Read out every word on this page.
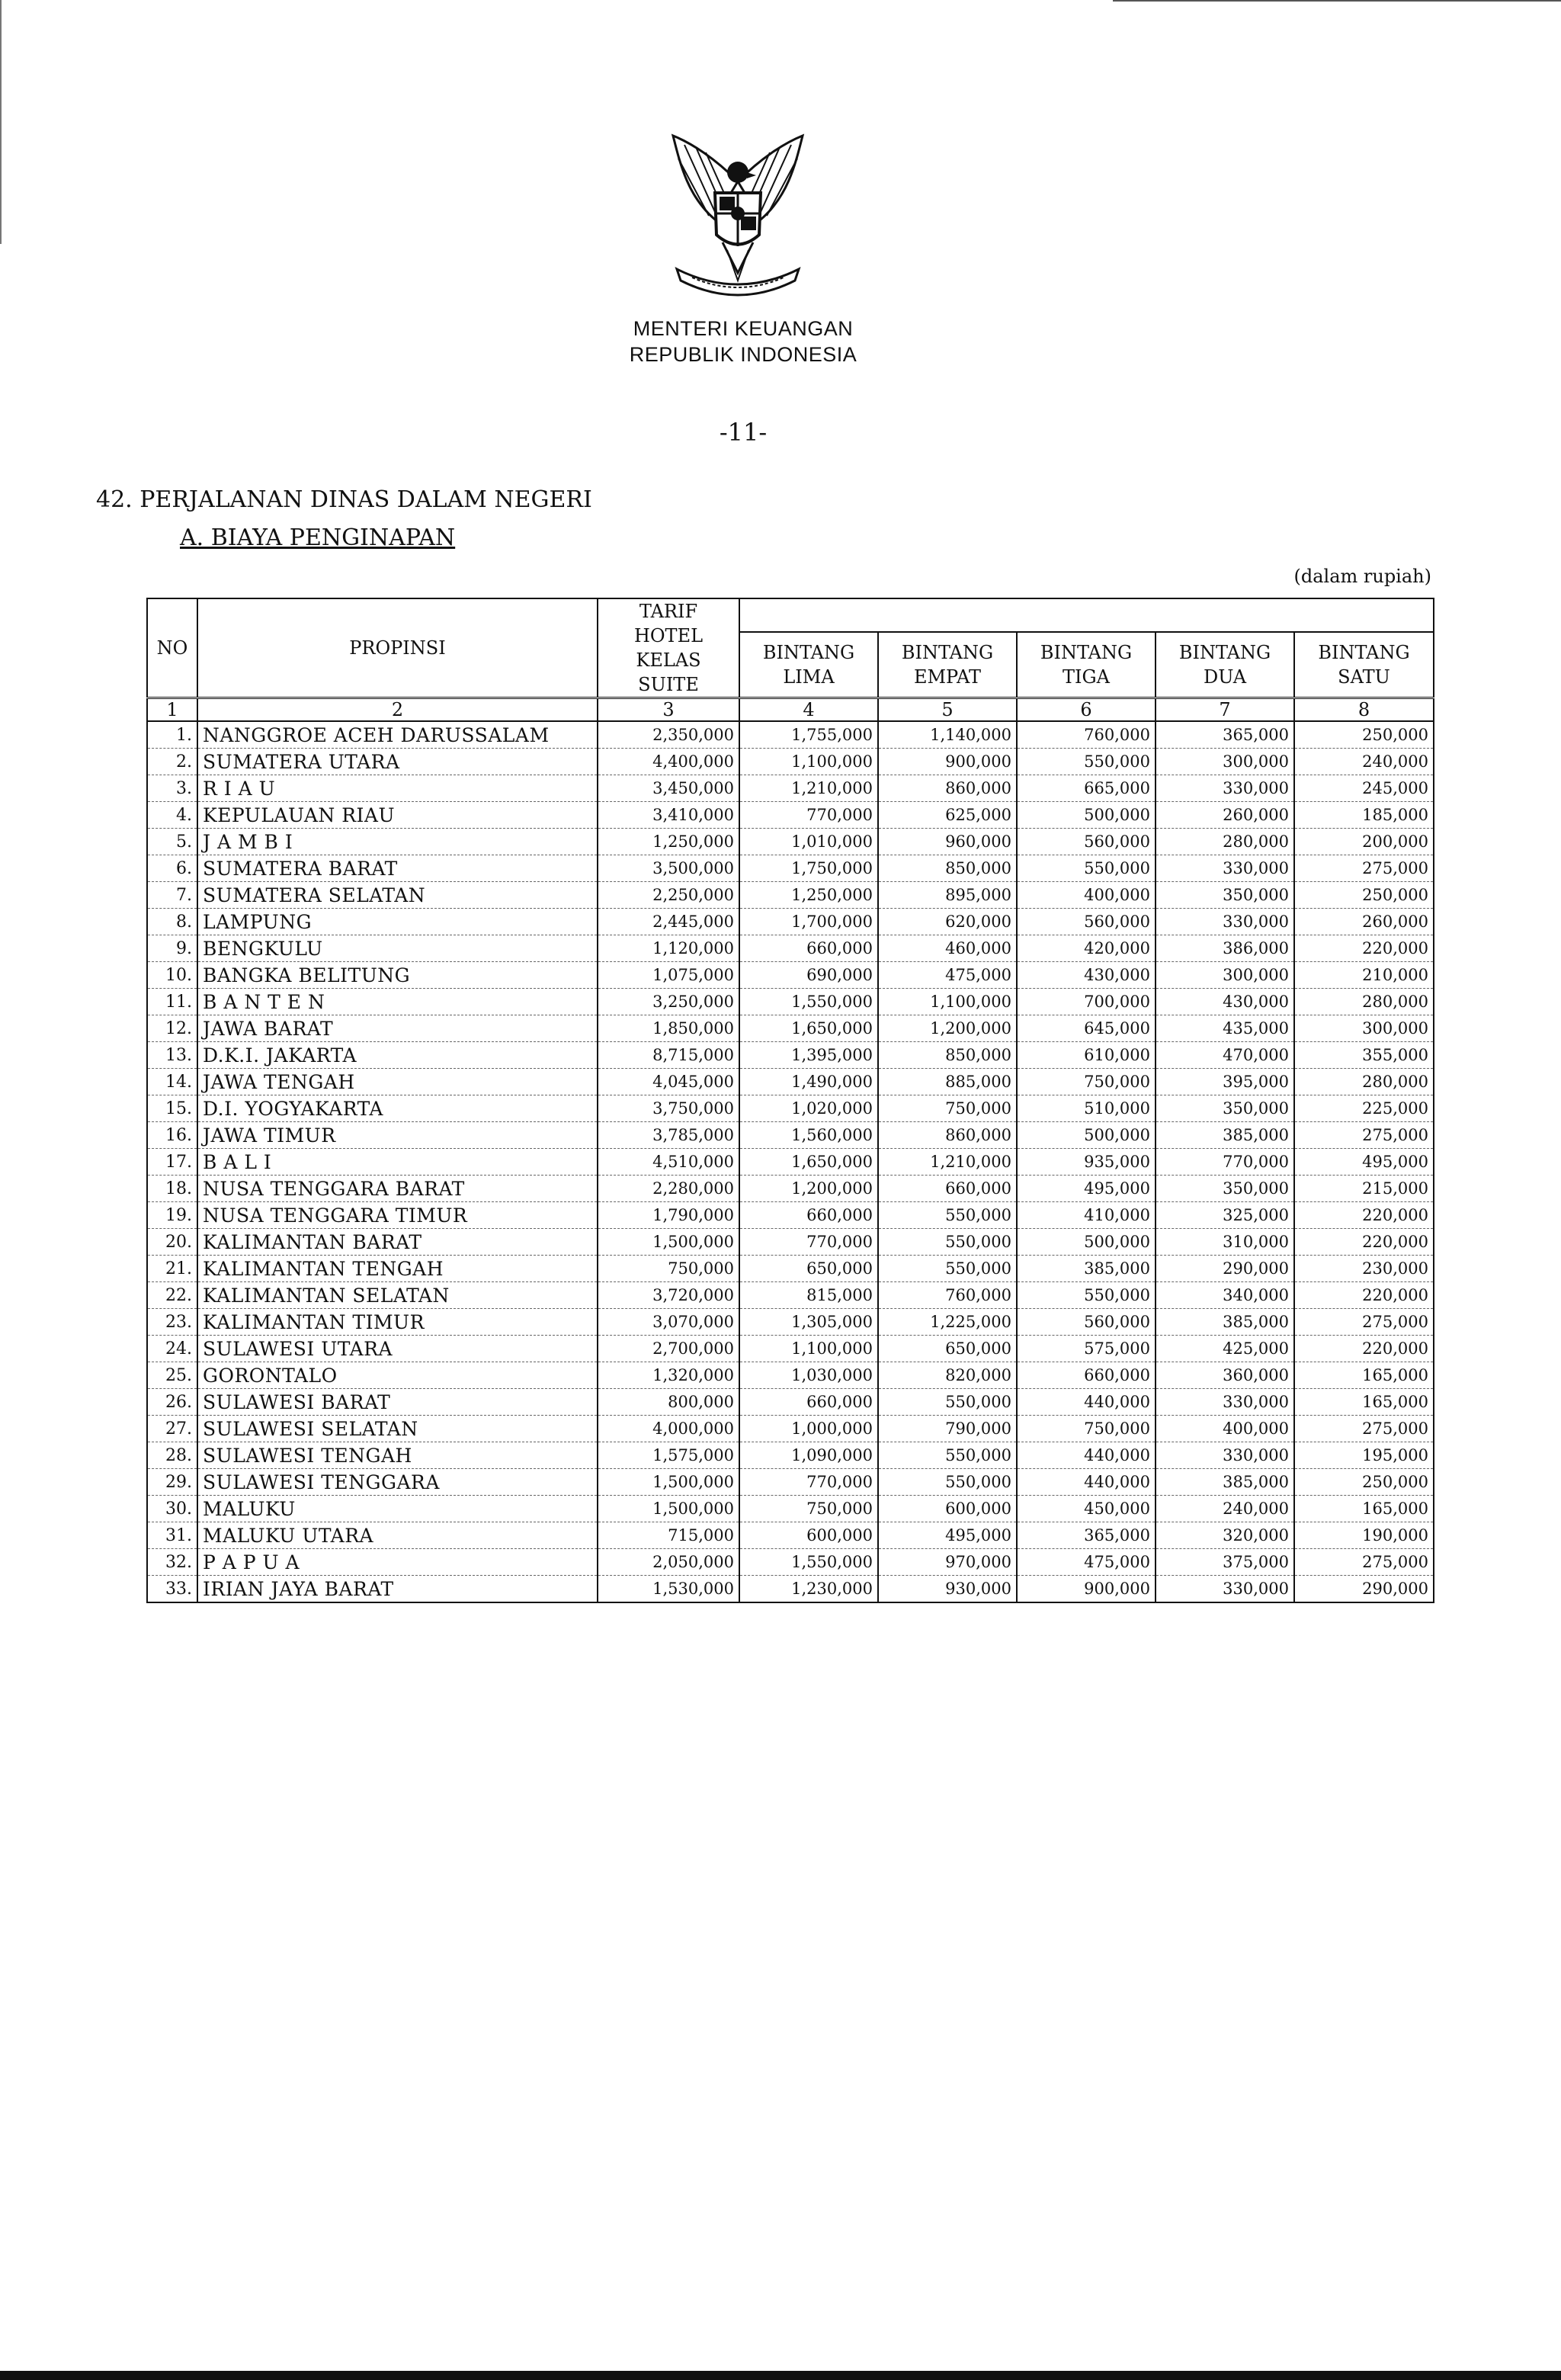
MENTERI KEUANGAN
REPUBLIK INDONESIA
-11-
42. PERJALANAN DINAS DALAM NEGERI
A. BIAYA PENGINAPAN
(dalam rupiah)
NO	PROPINSI	TARIF HOTEL KELAS SUITE					
			BINTANG LIMA	BINTANG EMPAT	BINTANG TIGA	BINTANG DUA	BINTANG SATU
1	2	3	4	5	6	7	8
1.	NANGGROE ACEH DARUSSALAM	2,350,000	1,755,000	1,140,000	760,000	365,000	250,000
2.	SUMATERA UTARA	4,400,000	1,100,000	900,000	550,000	300,000	240,000
3.	R I A U	3,450,000	1,210,000	860,000	665,000	330,000	245,000
4.	KEPULAUAN RIAU	3,410,000	770,000	625,000	500,000	260,000	185,000
5.	J A M B I	1,250,000	1,010,000	960,000	560,000	280,000	200,000
6.	SUMATERA BARAT	3,500,000	1,750,000	850,000	550,000	330,000	275,000
7.	SUMATERA SELATAN	2,250,000	1,250,000	895,000	400,000	350,000	250,000
8.	LAMPUNG	2,445,000	1,700,000	620,000	560,000	330,000	260,000
9.	BENGKULU	1,120,000	660,000	460,000	420,000	386,000	220,000
10.	BANGKA BELITUNG	1,075,000	690,000	475,000	430,000	300,000	210,000
11.	B A N T E N	3,250,000	1,550,000	1,100,000	700,000	430,000	280,000
12.	JAWA BARAT	1,850,000	1,650,000	1,200,000	645,000	435,000	300,000
13.	D.K.I. JAKARTA	8,715,000	1,395,000	850,000	610,000	470,000	355,000
14.	JAWA TENGAH	4,045,000	1,490,000	885,000	750,000	395,000	280,000
15.	D.I. YOGYAKARTA	3,750,000	1,020,000	750,000	510,000	350,000	225,000
16.	JAWA TIMUR	3,785,000	1,560,000	860,000	500,000	385,000	275,000
17.	B A L I	4,510,000	1,650,000	1,210,000	935,000	770,000	495,000
18.	NUSA TENGGARA BARAT	2,280,000	1,200,000	660,000	495,000	350,000	215,000
19.	NUSA TENGGARA TIMUR	1,790,000	660,000	550,000	410,000	325,000	220,000
20.	KALIMANTAN BARAT	1,500,000	770,000	550,000	500,000	310,000	220,000
21.	KALIMANTAN TENGAH	750,000	650,000	550,000	385,000	290,000	230,000
22.	KALIMANTAN SELATAN	3,720,000	815,000	760,000	550,000	340,000	220,000
23.	KALIMANTAN TIMUR	3,070,000	1,305,000	1,225,000	560,000	385,000	275,000
24.	SULAWESI UTARA	2,700,000	1,100,000	650,000	575,000	425,000	220,000
25.	GORONTALO	1,320,000	1,030,000	820,000	660,000	360,000	165,000
26.	SULAWESI BARAT	800,000	660,000	550,000	440,000	330,000	165,000
27.	SULAWESI SELATAN	4,000,000	1,000,000	790,000	750,000	400,000	275,000
28.	SULAWESI TENGAH	1,575,000	1,090,000	550,000	440,000	330,000	195,000
29.	SULAWESI TENGGARA	1,500,000	770,000	550,000	440,000	385,000	250,000
30.	MALUKU	1,500,000	750,000	600,000	450,000	240,000	165,000
31.	MALUKU UTARA	715,000	600,000	495,000	365,000	320,000	190,000
32.	P A P U A	2,050,000	1,550,000	970,000	475,000	375,000	275,000
33.	IRIAN JAYA BARAT	1,530,000	1,230,000	930,000	900,000	330,000	290,000
